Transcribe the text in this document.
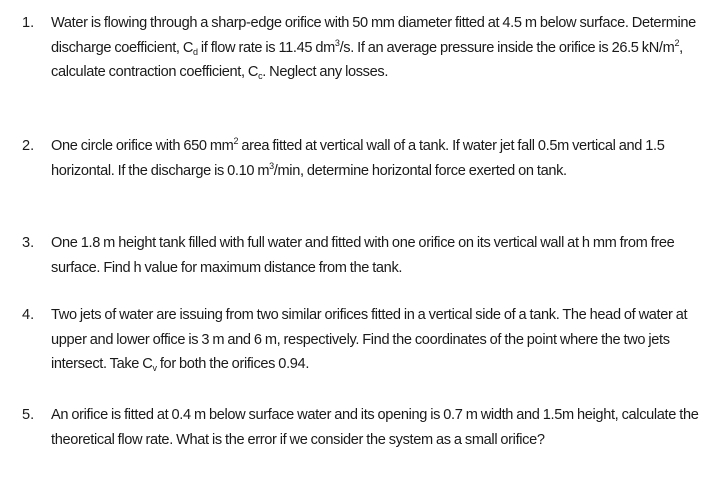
1.	Water is flowing through a sharp-edge orifice with 50 mm diameter fitted at 4.5 m below surface. Determine discharge coefficient, $C_d$ if flow rate is 11.45 $dm^3/s$. If an average pressure inside the orifice is 26.5 $kN/m^2$, calculate contraction coefficient, $C_c$. Neglect any losses.
2.	One circle orifice with 650 $mm^2$ area fitted at vertical wall of a tank. If water jet fall 0.5m vertical and 1.5 horizontal. If the discharge is 0.10 $m^3/\min$, determine horizontal force exerted on tank.
3.	One 1.8 m height tank filled with full water and fitted with one orifice on its vertical wall at h mm from free surface. Find h value for maximum distance from the tank.
4.	Two jets of water are issuing from two similar orifices fitted in a vertical side of a tank. The head of water at upper and lower office is 3 m and 6 m, respectively. Find the coordinates of the point where the two jets intersect. Take $C_v$ for both the orifices 0.94.
5.	An orifice is fitted at 0.4 m below surface water and its opening is 0.7 m width and 1.5m height, calculate the theoretical flow rate. What is the error if we consider the system as a small orifice?
